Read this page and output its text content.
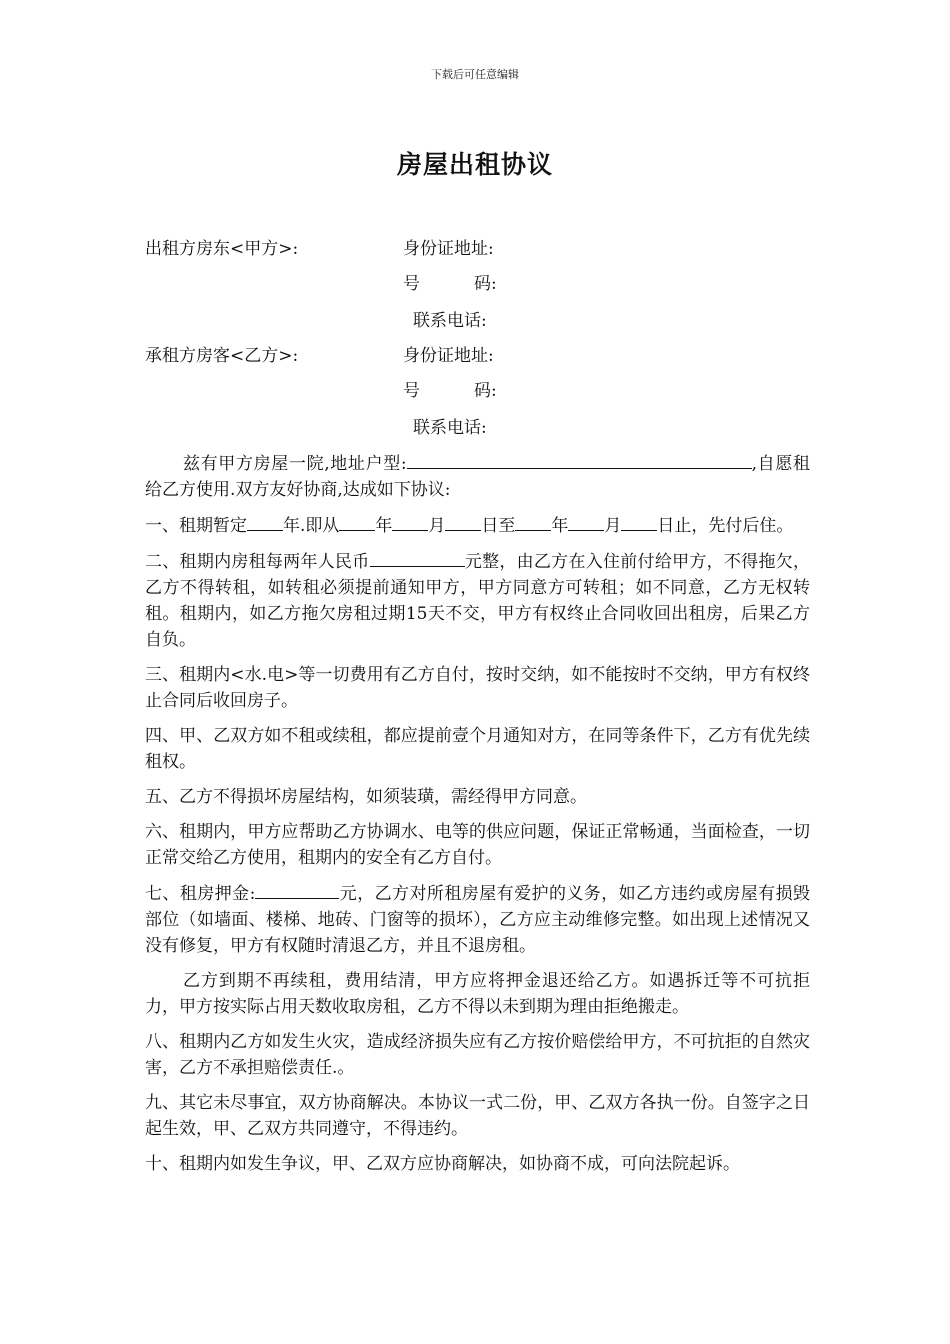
下载后可任意编辑
房屋出租协议
出租方房东<甲方>:	身份证地址:
号          码:
联系电话:
承租方房客<乙方>:	身份证地址:
号          码:
联系电话:

兹有甲方房屋一院,地址户型:	,自愿租给乙方使用.双方友好协商,达成如下协议:

一、租期暂定 年.即从 年 月 日至 年 月 日止，先付后住。

二、租期内房租每两年人民币	元整，由乙方在入住前付给甲方，不得拖欠，乙方不得转租，如转租必须提前通知甲方，甲方同意方可转租；如不同意，乙方无权转租。租期内，如乙方拖欠房租过期15天不交，甲方有权终止合同收回出租房，后果乙方自负。

三、租期内<水.电>等一切费用有乙方自付，按时交纳，如不能按时不交纳，甲方有权终止合同后收回房子。

四、甲、乙双方如不租或续租，都应提前壹个月通知对方，在同等条件下，乙方有优先续租权。

五、乙方不得损坏房屋结构，如须装璜，需经得甲方同意。

六、租期内，甲方应帮助乙方协调水、电等的供应问题，保证正常畅通，当面检查，一切正常交给乙方使用，租期内的安全有乙方自付。

七、租房押金:	元，乙方对所租房屋有爱护的义务，如乙方违约或房屋有损毁部位（如墙面、楼梯、地砖、门窗等的损坏），乙方应主动维修完整。如出现上述情况又没有修复，甲方有权随时清退乙方，并且不退房租。

乙方到期不再续租，费用结清，甲方应将押金退还给乙方。如遇拆迁等不可抗拒力，甲方按实际占用天数收取房租，乙方不得以未到期为理由拒绝搬走。

八、租期内乙方如发生火灾，造成经济损失应有乙方按价赔偿给甲方，不可抗拒的自然灾害，乙方不承担赔偿责任.。

九、其它未尽事宜，双方协商解决。本协议一式二份，甲、乙双方各执一份。自签字之日起生效，甲、乙双方共同遵守，不得违约。

十、租期内如发生争议，甲、乙双方应协商解决，如协商不成，可向法院起诉。
